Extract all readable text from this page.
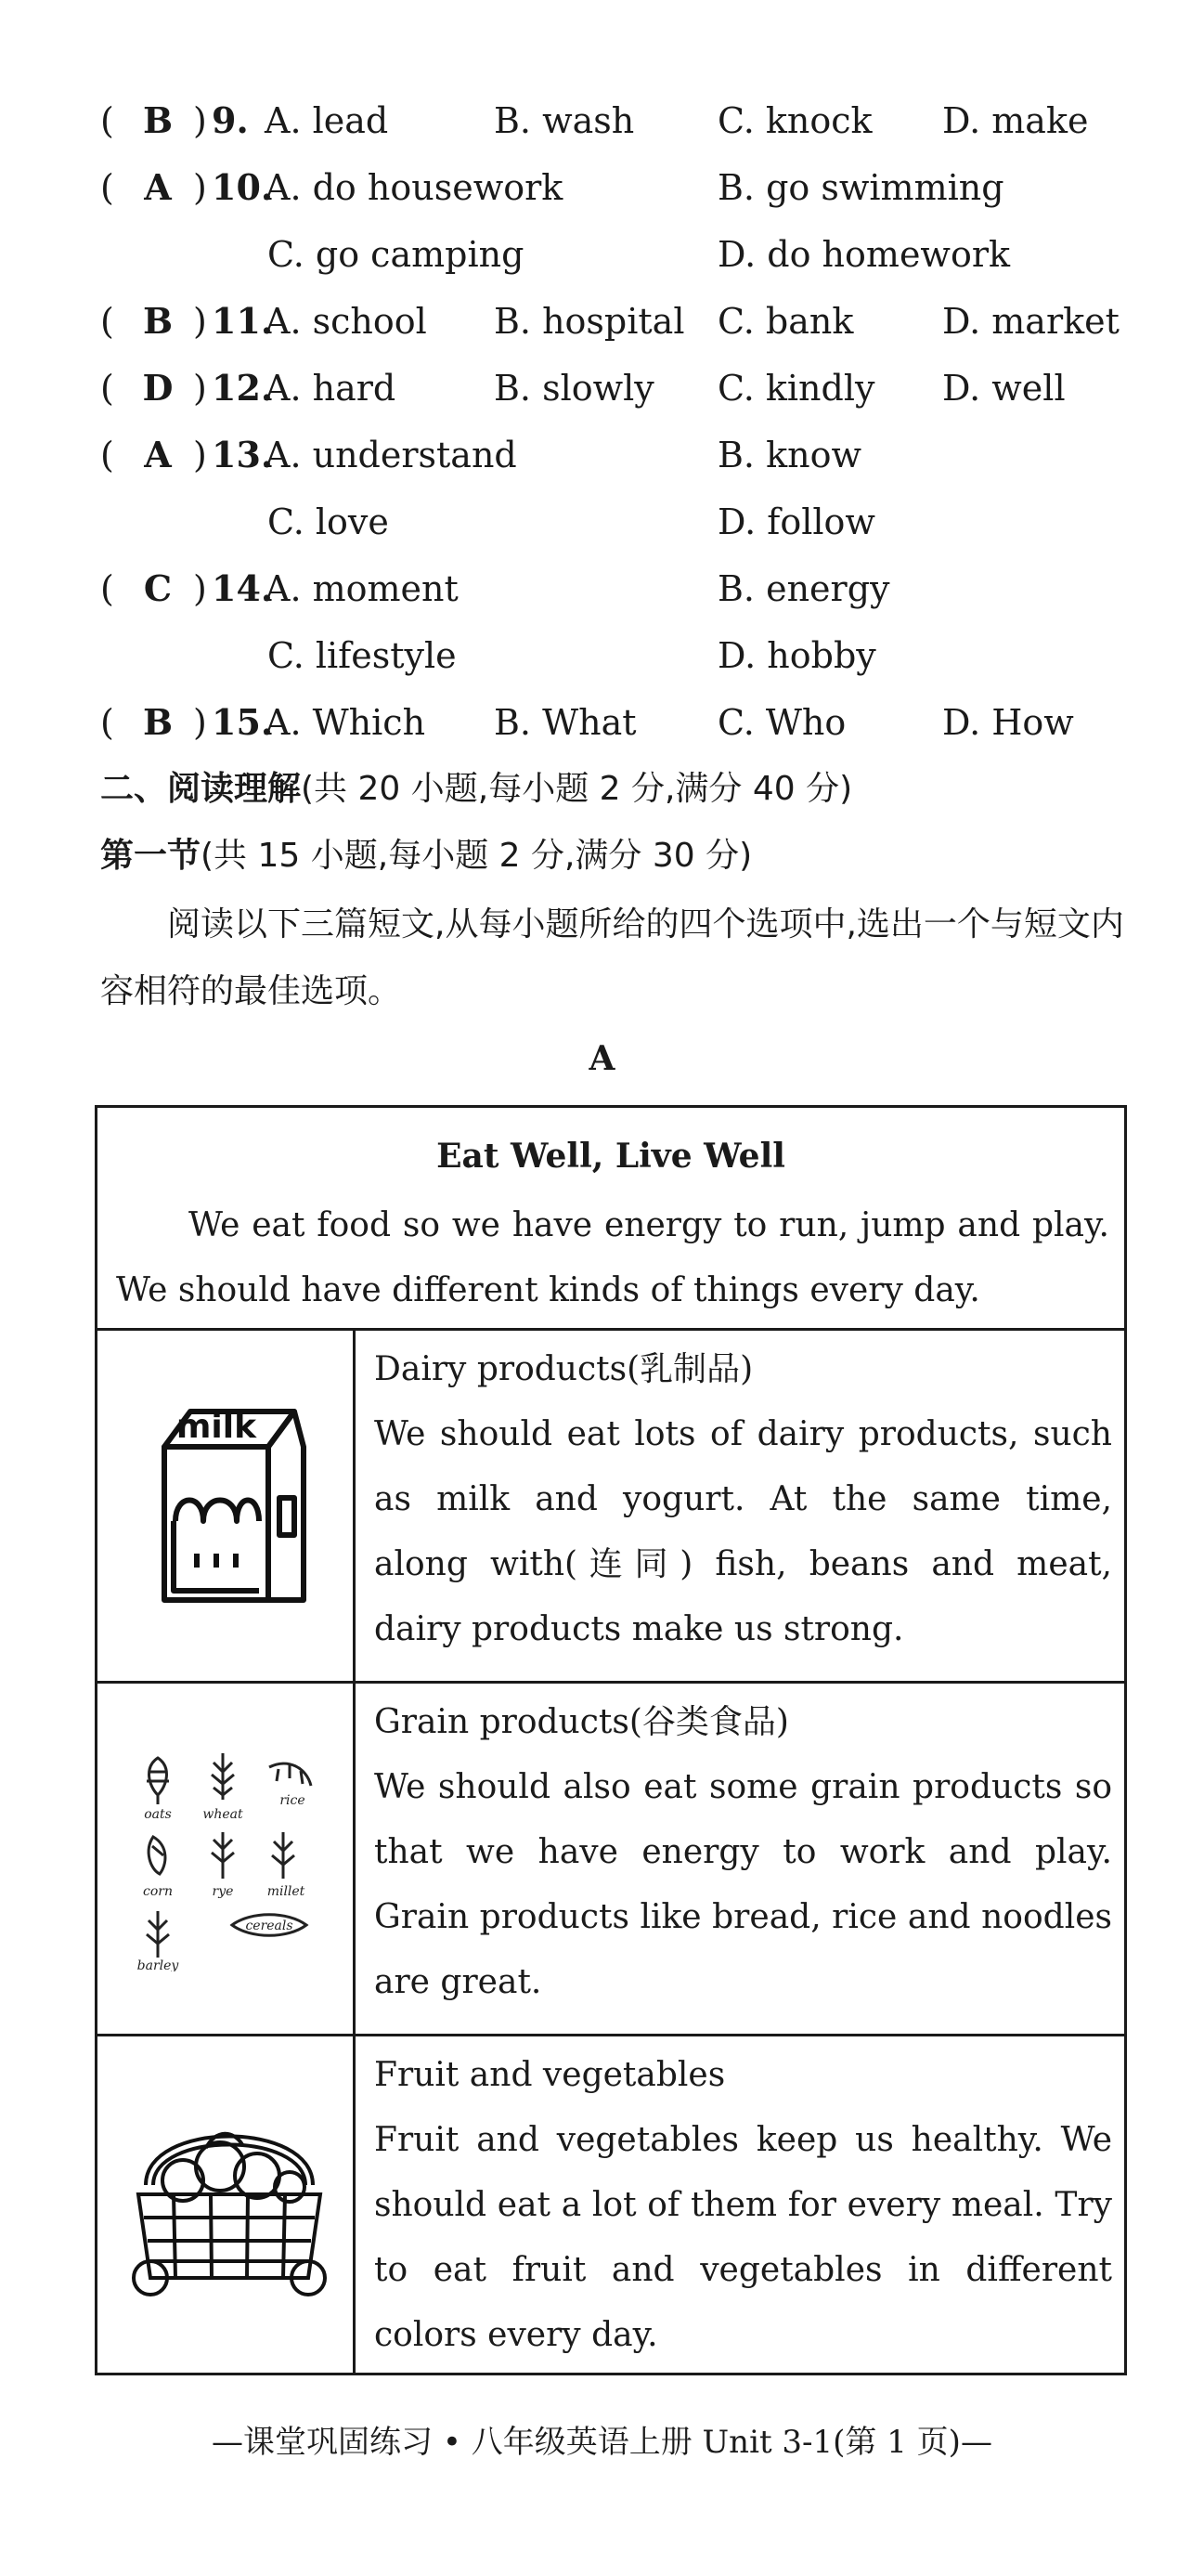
( B ) 9. A. lead	B. wash C. knock D. make
( A ) 10.
A. do housework	B. go swimming
C. go camping	D. do homework
( B ) 11.
A. school B. hospital C. bank	D. market
( D ) 12.
A. hard	B. slowly C. kindly D. well
( A ) 13.
A. understand	B. know
C. love	D. follow
( C ) 14.
A. moment	B. energy
C. lifestyle	D. hobby
( B ) 15.
A. Which B. What C. Who	D. How
二、阅读理解(共 20 小题,每小题 2 分,满分 40 分)
第一节(共 15 小题,每小题 2 分,满分 30 分)
阅读以下三篇短文,从每小题所给的四个选项中,选出一个与短文内容相符的最佳选项。
A
Eat Well, Live Well
We eat food so we have energy to run, jump and play. We should have different kinds of things every day.
milk
Dairy products(乳制品)
We should eat lots of dairy products, such as milk and yogurt. At the same time, along with(连同) fish, beans and meat, dairy products make us strong.
oats wheat
rice
corn	rye	millet
barley
cereals
Grain products(谷类食品)
We should also eat some grain products so that we have energy to work and play. Grain products like bread, rice and noodles are great.
Fruit and vegetables
Fruit and vegetables keep us healthy. We should eat a lot of them for every meal. Try to eat fruit and vegetables in different colors every day.
—课堂巩固练习 • 八年级英语上册 Unit 3-1(第 1 页)—
